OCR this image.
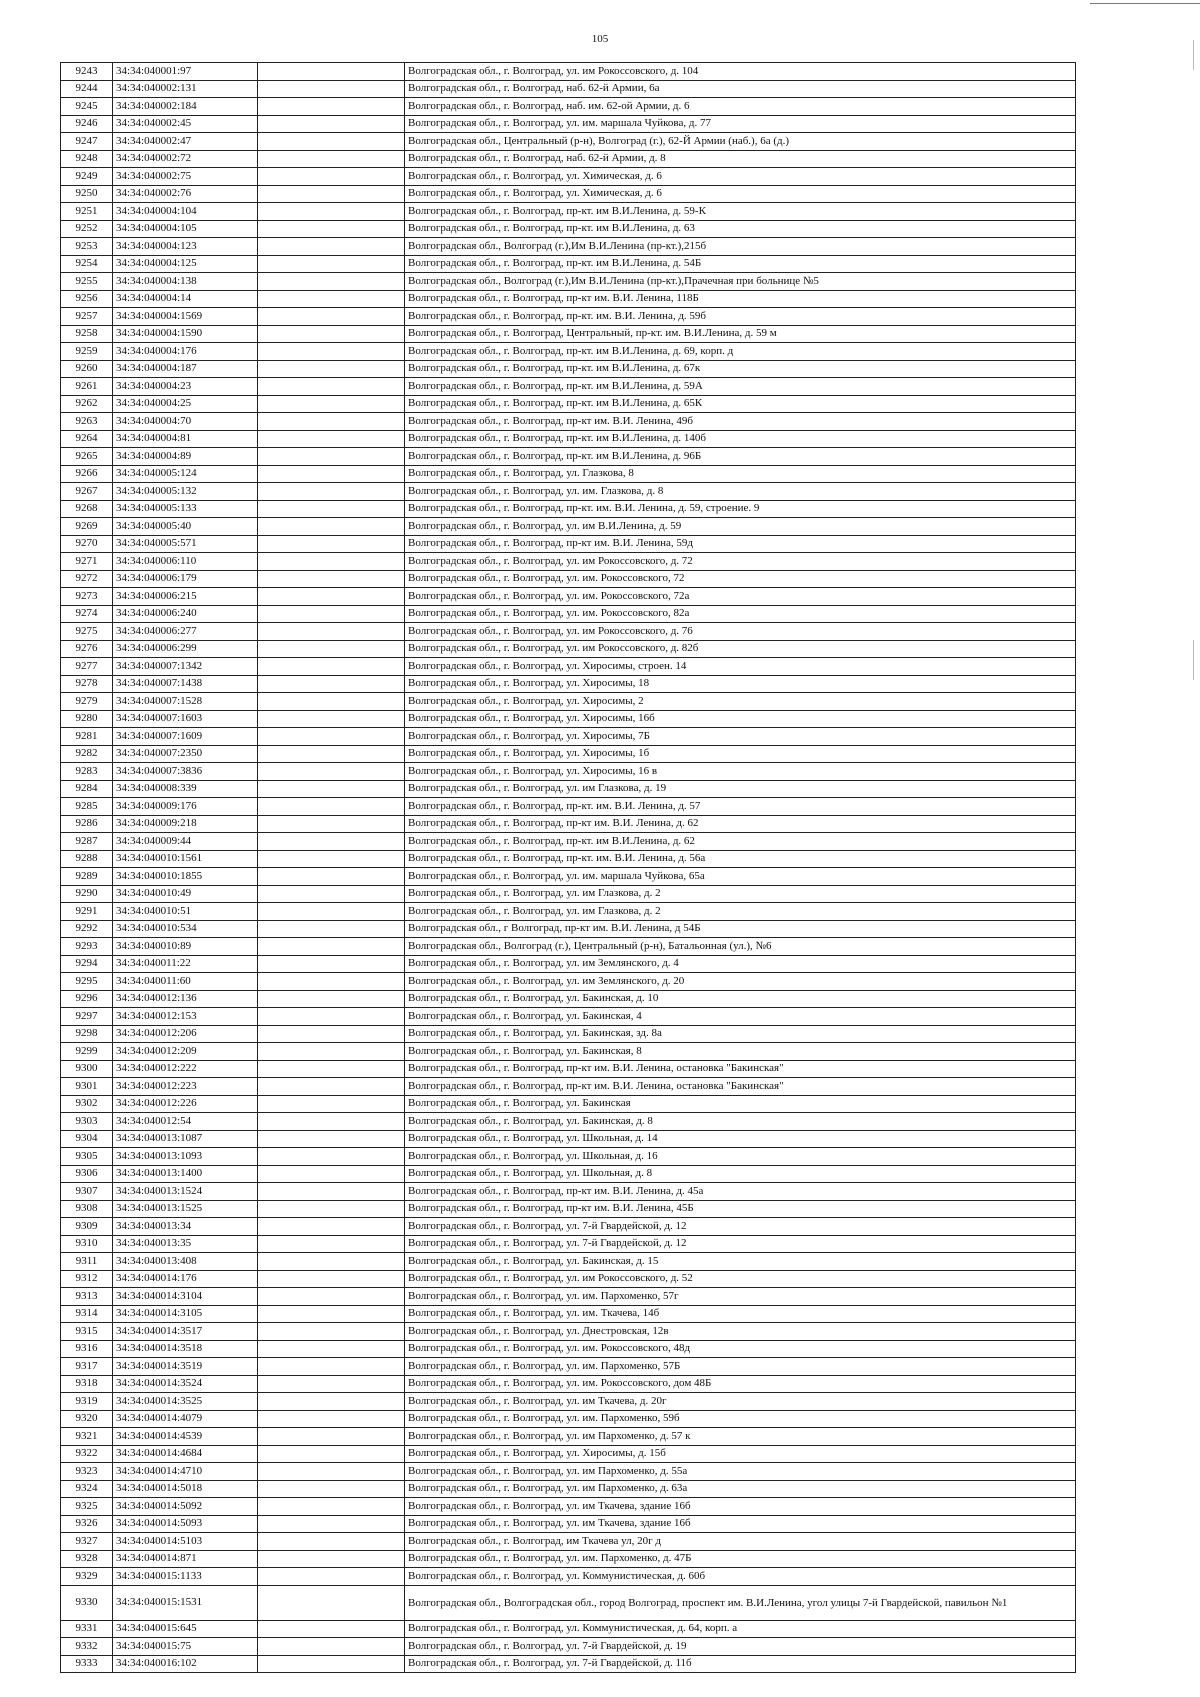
105
9243	34:34:040001:97		Волгоградская обл., г. Волгоград, ул. им Рокоссовского, д. 104
9244	34:34:040002:131		Волгоградская обл., г. Волгоград, наб. 62-й Армии, 6а
9245	34:34:040002:184		Волгоградская обл., г. Волгоград, наб. им. 62-ой Армии, д. 6
9246	34:34:040002:45		Волгоградская обл., г. Волгоград, ул. им. маршала Чуйкова, д. 77
9247	34:34:040002:47		Волгоградская обл., Центральный (р-н), Волгоград (г.), 62-Й Армии (наб.), 6а (д.)
9248	34:34:040002:72		Волгоградская обл., г. Волгоград, наб. 62-й Армии, д. 8
9249	34:34:040002:75		Волгоградская обл., г. Волгоград, ул. Химическая, д. 6
9250	34:34:040002:76		Волгоградская обл., г. Волгоград, ул. Химическая, д. 6
9251	34:34:040004:104		Волгоградская обл., г. Волгоград, пр-кт. им В.И.Ленина, д. 59-К
9252	34:34:040004:105		Волгоградская обл., г. Волгоград, пр-кт. им В.И.Ленина, д. 63
9253	34:34:040004:123		Волгоградская обл., Волгоград (г.),Им В.И.Ленина (пр-кт.),215б
9254	34:34:040004:125		Волгоградская обл., г. Волгоград, пр-кт. им В.И.Ленина, д. 54Б
9255	34:34:040004:138		Волгоградская обл., Волгоград (г.),Им В.И.Ленина (пр-кт.),Прачечная при больнице №5
9256	34:34:040004:14		Волгоградская обл., г. Волгоград, пр-кт им. В.И. Ленина, 118Б
9257	34:34:040004:1569		Волгоградская обл., г. Волгоград, пр-кт. им. В.И. Ленина, д. 59б
9258	34:34:040004:1590		Волгоградская обл., г. Волгоград, Центральный, пр-кт. им. В.И.Ленина, д. 59 м
9259	34:34:040004:176		Волгоградская обл., г. Волгоград, пр-кт. им В.И.Ленина, д. 69, корп. д
9260	34:34:040004:187		Волгоградская обл., г. Волгоград, пр-кт. им В.И.Ленина, д. 67к
9261	34:34:040004:23		Волгоградская обл., г. Волгоград, пр-кт. им В.И.Ленина, д. 59А
9262	34:34:040004:25		Волгоградская обл., г. Волгоград, пр-кт. им В.И.Ленина, д. 65К
9263	34:34:040004:70		Волгоградская обл., г. Волгоград, пр-кт им. В.И. Ленина, 49б
9264	34:34:040004:81		Волгоградская обл., г. Волгоград, пр-кт. им В.И.Ленина, д. 140б
9265	34:34:040004:89		Волгоградская обл., г. Волгоград, пр-кт. им В.И.Ленина, д. 96Б
9266	34:34:040005:124		Волгоградская обл., г. Волгоград, ул. Глазкова, 8
9267	34:34:040005:132		Волгоградская обл., г. Волгоград, ул. им. Глазкова, д. 8
9268	34:34:040005:133		Волгоградская обл., г. Волгоград, пр-кт. им. В.И. Ленина, д. 59, строение. 9
9269	34:34:040005:40		Волгоградская обл., г. Волгоград, ул. им В.И.Ленина, д. 59
9270	34:34:040005:571		Волгоградская обл., г. Волгоград, пр-кт им. В.И. Ленина, 59д
9271	34:34:040006:110		Волгоградская обл., г. Волгоград, ул. им Рокоссовского, д. 72
9272	34:34:040006:179		Волгоградская обл., г. Волгоград, ул. им. Рокоссовского, 72
9273	34:34:040006:215		Волгоградская обл., г. Волгоград, ул. им. Рокоссовского, 72а
9274	34:34:040006:240		Волгоградская обл., г. Волгоград, ул. им. Рокоссовского, 82а
9275	34:34:040006:277		Волгоградская обл., г. Волгоград, ул. им Рокоссовского, д. 76
9276	34:34:040006:299		Волгоградская обл., г. Волгоград, ул. им Рокоссовского, д. 82б
9277	34:34:040007:1342		Волгоградская обл., г. Волгоград, ул. Хиросимы, строен. 14
9278	34:34:040007:1438		Волгоградская обл., г. Волгоград, ул. Хиросимы, 18
9279	34:34:040007:1528		Волгоградская обл., г. Волгоград, ул. Хиросимы, 2
9280	34:34:040007:1603		Волгоградская обл., г. Волгоград, ул. Хиросимы, 16б
9281	34:34:040007:1609		Волгоградская обл., г. Волгоград, ул. Хиросимы, 7Б
9282	34:34:040007:2350		Волгоградская обл., г. Волгоград, ул. Хиросимы, 1б
9283	34:34:040007:3836		Волгоградская обл., г. Волгоград, ул. Хиросимы, 16 в
9284	34:34:040008:339		Волгоградская обл., г. Волгоград, ул. им Глазкова, д. 19
9285	34:34:040009:176		Волгоградская обл., г. Волгоград, пр-кт. им. В.И. Ленина, д. 57
9286	34:34:040009:218		Волгоградская обл., г. Волгоград, пр-кт им. В.И. Ленина, д. 62
9287	34:34:040009:44		Волгоградская обл., г. Волгоград, пр-кт. им В.И.Ленина, д. 62
9288	34:34:040010:1561		Волгоградская обл., г. Волгоград, пр-кт. им. В.И. Ленина, д. 56а
9289	34:34:040010:1855		Волгоградская обл., г. Волгоград, ул. им. маршала Чуйкова, 65а
9290	34:34:040010:49		Волгоградская обл., г. Волгоград, ул. им Глазкова, д. 2
9291	34:34:040010:51		Волгоградская обл., г. Волгоград, ул. им Глазкова, д. 2
9292	34:34:040010:534		Волгоградская обл., г Волгоград, пр-кт им. В.И. Ленина, д 54Б
9293	34:34:040010:89		Волгоградская обл., Волгоград (г.), Центральный (р-н), Батальонная (ул.), №6
9294	34:34:040011:22		Волгоградская обл., г. Волгоград, ул. им Землянского, д. 4
9295	34:34:040011:60		Волгоградская обл., г. Волгоград, ул. им Землянского, д. 20
9296	34:34:040012:136		Волгоградская обл., г. Волгоград, ул. Бакинская, д. 10
9297	34:34:040012:153		Волгоградская обл., г. Волгоград, ул. Бакинская, 4
9298	34:34:040012:206		Волгоградская обл., г. Волгоград, ул. Бакинская, зд. 8а
9299	34:34:040012:209		Волгоградская обл., г. Волгоград, ул. Бакинская, 8
9300	34:34:040012:222		Волгоградская обл., г. Волгоград, пр-кт им. В.И. Ленина, остановка "Бакинская"
9301	34:34:040012:223		Волгоградская обл., г. Волгоград, пр-кт им. В.И. Ленина, остановка "Бакинская"
9302	34:34:040012:226		Волгоградская обл., г. Волгоград, ул. Бакинская
9303	34:34:040012:54		Волгоградская обл., г. Волгоград, ул. Бакинская, д. 8
9304	34:34:040013:1087		Волгоградская обл., г. Волгоград, ул. Школьная, д. 14
9305	34:34:040013:1093		Волгоградская обл., г. Волгоград, ул. Школьная, д. 16
9306	34:34:040013:1400		Волгоградская обл., г. Волгоград, ул. Школьная, д. 8
9307	34:34:040013:1524		Волгоградская обл., г. Волгоград, пр-кт им. В.И. Ленина, д. 45а
9308	34:34:040013:1525		Волгоградская обл., г. Волгоград, пр-кт им. В.И. Ленина, 45Б
9309	34:34:040013:34		Волгоградская обл., г. Волгоград, ул. 7-й Гвардейской, д. 12
9310	34:34:040013:35		Волгоградская обл., г. Волгоград, ул. 7-й Гвардейской, д. 12
9311	34:34:040013:408		Волгоградская обл., г. Волгоград, ул. Бакинская, д. 15
9312	34:34:040014:176		Волгоградская обл., г. Волгоград, ул. им Рокоссовского, д. 52
9313	34:34:040014:3104		Волгоградская обл., г. Волгоград, ул. им. Пархоменко, 57г
9314	34:34:040014:3105		Волгоградская обл., г. Волгоград, ул. им. Ткачева, 14б
9315	34:34:040014:3517		Волгоградская обл., г. Волгоград, ул. Днестровская, 12в
9316	34:34:040014:3518		Волгоградская обл., г. Волгоград, ул. им. Рокоссовского, 48д
9317	34:34:040014:3519		Волгоградская обл., г. Волгоград, ул. им. Пархоменко, 57Б
9318	34:34:040014:3524		Волгоградская обл., г. Волгоград, ул. им. Рокоссовского, дом 48Б
9319	34:34:040014:3525		Волгоградская обл., г. Волгоград, ул. им Ткачева, д. 20г
9320	34:34:040014:4079		Волгоградская обл., г. Волгоград, ул. им. Пархоменко, 59б
9321	34:34:040014:4539		Волгоградская обл., г. Волгоград, ул. им Пархоменко, д. 57 к
9322	34:34:040014:4684		Волгоградская обл., г. Волгоград, ул. Хиросимы, д. 15б
9323	34:34:040014:4710		Волгоградская обл., г. Волгоград, ул. им Пархоменко, д. 55а
9324	34:34:040014:5018		Волгоградская обл., г. Волгоград, ул. им Пархоменко, д. 63а
9325	34:34:040014:5092		Волгоградская обл., г. Волгоград, ул. им Ткачева, здание 16б
9326	34:34:040014:5093		Волгоградская обл., г. Волгоград, ул. им Ткачева, здание 16б
9327	34:34:040014:5103		Волгоградская обл., г. Волгоград, им Ткачева ул, 20г д
9328	34:34:040014:871		Волгоградская обл., г. Волгоград, ул. им. Пархоменко, д. 47Б
9329	34:34:040015:1133		Волгоградская обл., г. Волгоград, ул. Коммунистическая, д. 60б
9330	34:34:040015:1531		Волгоградская обл., Волгоградская обл., город Волгоград, проспект им. В.И.Ленина, угол улицы 7-й Гвардейской, павильон №1
9331	34:34:040015:645		Волгоградская обл., г. Волгоград, ул. Коммунистическая, д. 64, корп. а
9332	34:34:040015:75		Волгоградская обл., г. Волгоград, ул. 7-й Гвардейской, д. 19
9333	34:34:040016:102		Волгоградская обл., г. Волгоград, ул. 7-й Гвардейской, д. 11б
